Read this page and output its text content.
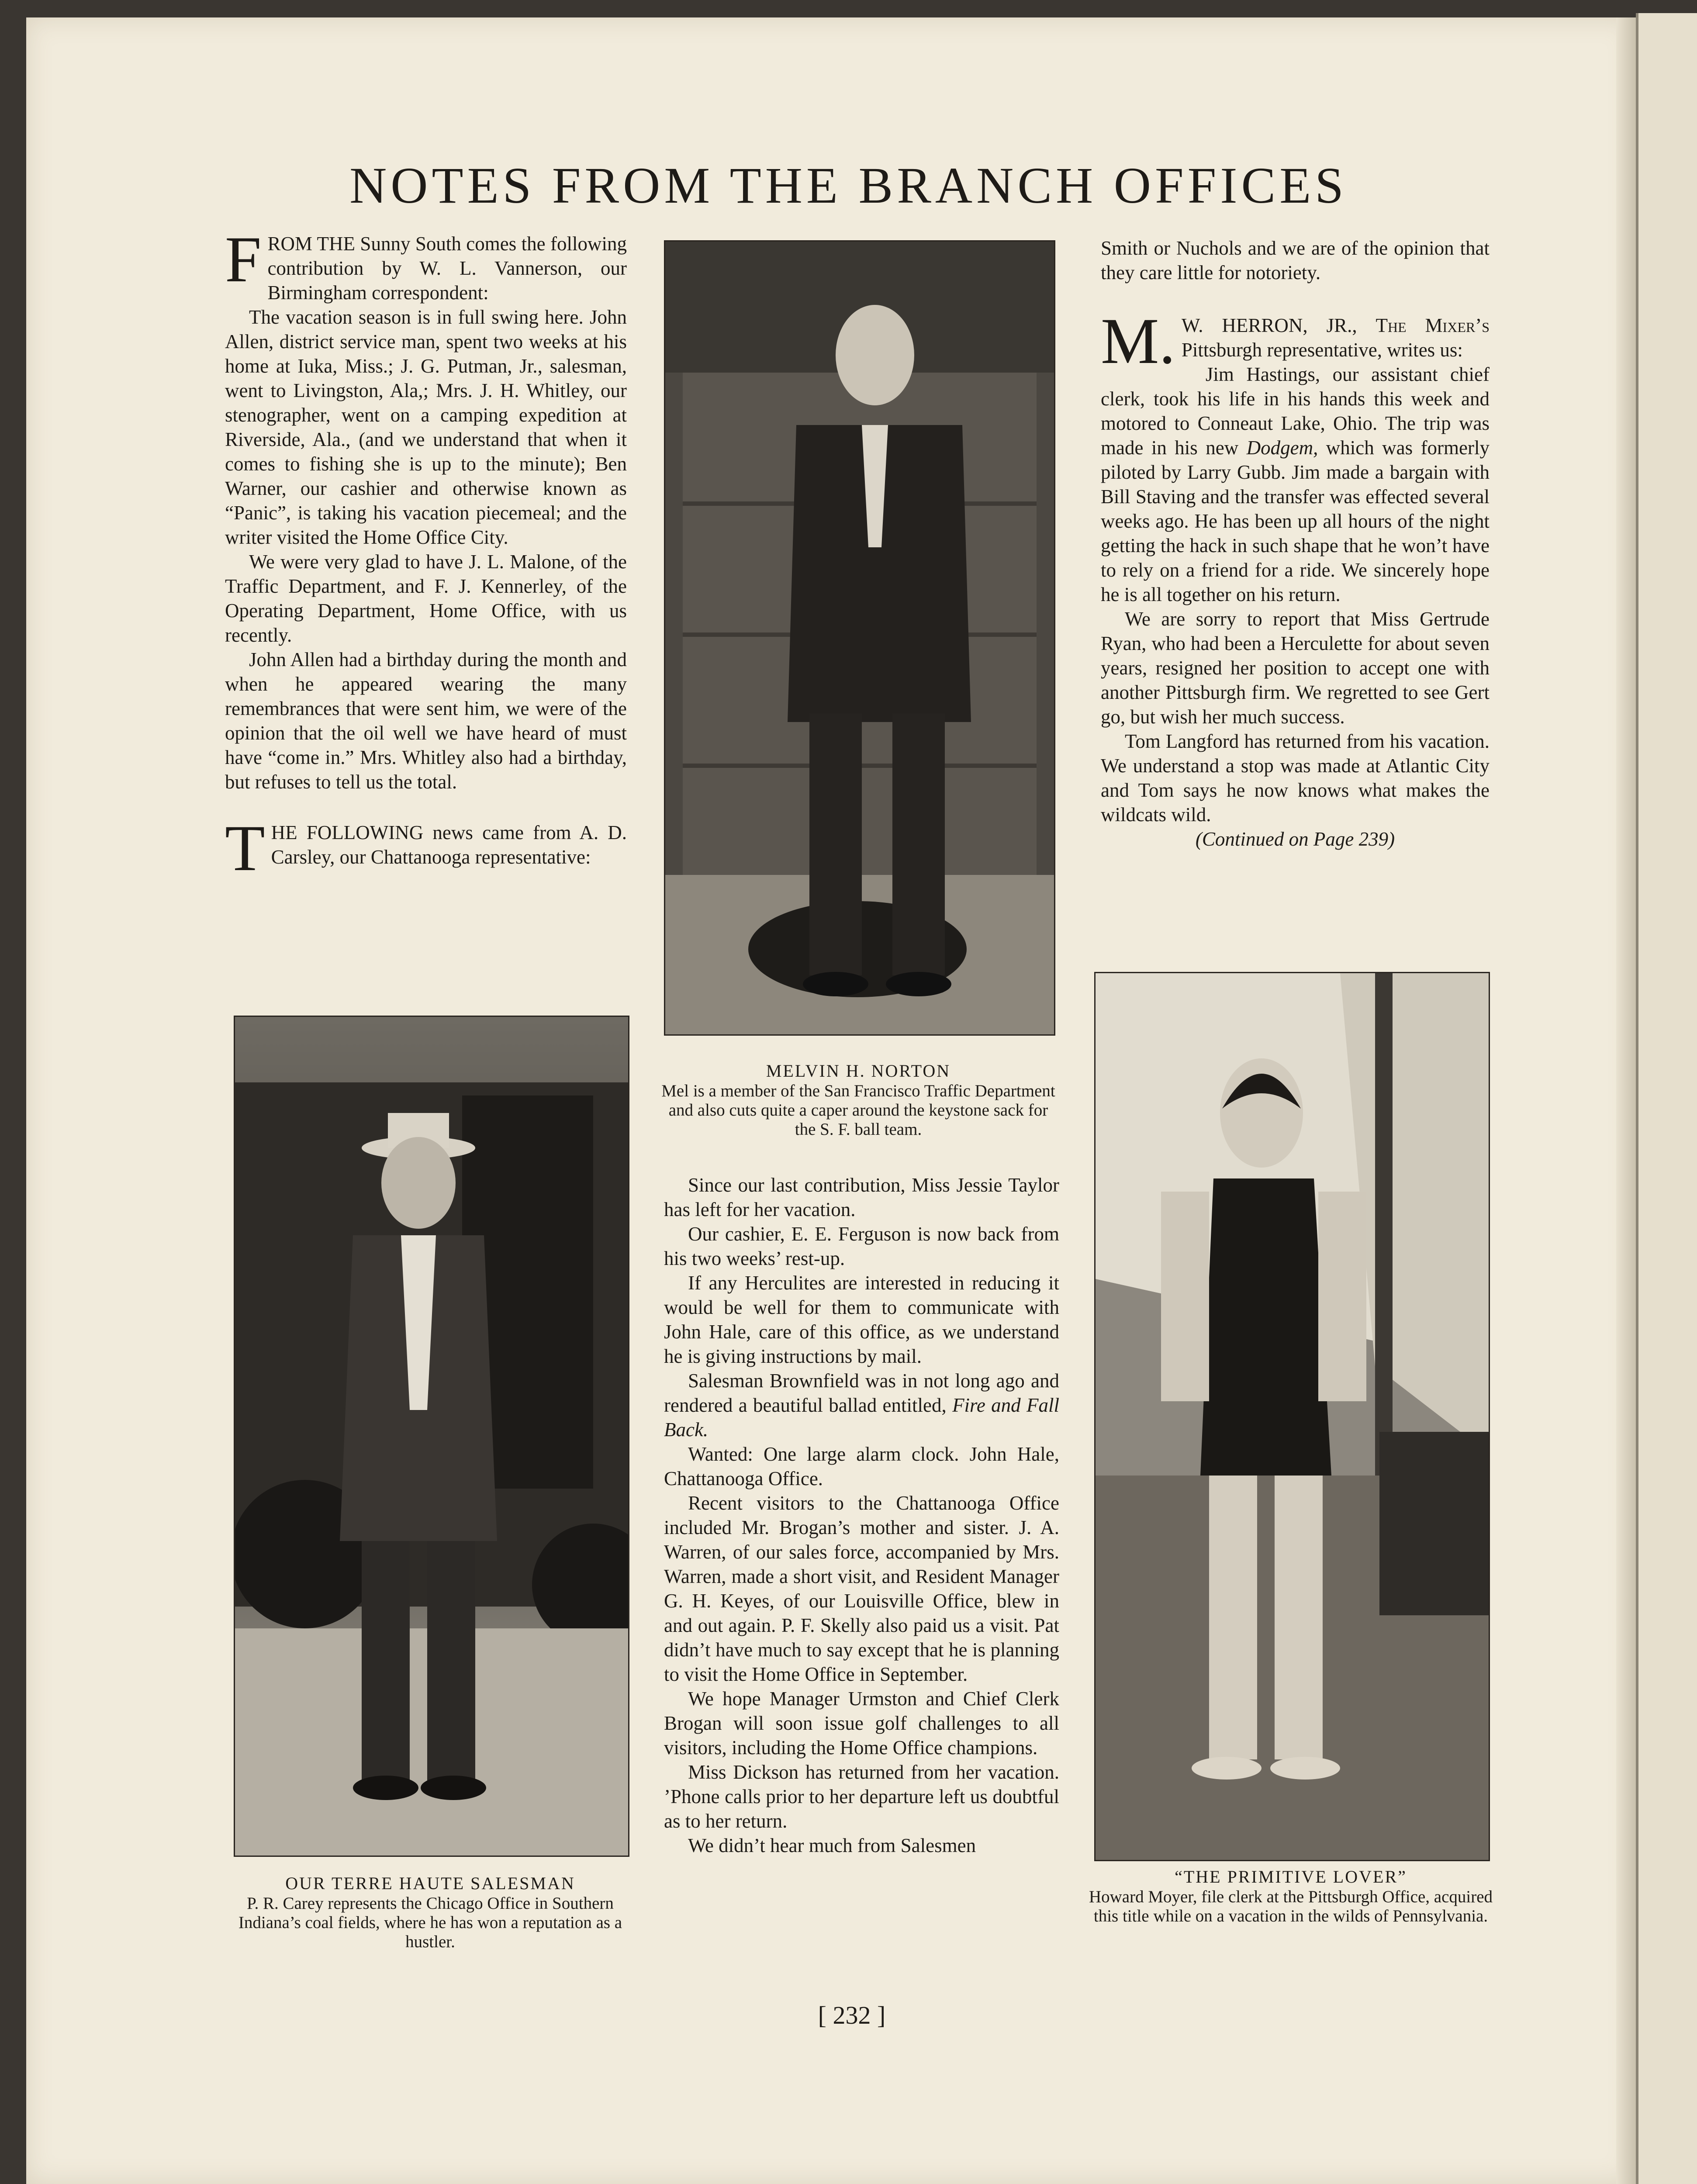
NOTES FROM THE BRANCH OFFICES

FROM THE Sunny South comes the following contribution by W. L. Vannerson, our Birmingham correspondent:

The vacation season is in full swing here. John Allen, district service man, spent two weeks at his home at Iuka, Miss.; J. G. Putman, Jr., salesman, went to Livingston, Ala,; Mrs. J. H. Whitley, our stenographer, went on a camping expedition at Riverside, Ala., (and we understand that when it comes to fishing she is up to the minute); Ben Warner, our cashier and otherwise known as “Panic”, is taking his vacation piecemeal; and the writer visited the Home Office City.

We were very glad to have J. L. Malone, of the Traffic Department, and F. J. Kennerley, of the Operating Department, Home Office, with us recently.

John Allen had a birthday during the month and when he appeared wearing the many remembrances that were sent him, we were of the opinion that the oil well we have heard of must have “come in.” Mrs. Whitley also had a birthday, but refuses to tell us the total.

THE FOLLOWING news came from A. D. Carsley, our Chattanooga representative:

OUR TERRE HAUTE SALESMAN
P. R. Carey represents the Chicago Office in Southern Indiana’s coal fields, where he has won a reputation as a hustler.
MELVIN H. NORTON
Mel is a member of the San Francisco Traffic Department and also cuts quite a caper around the keystone sack for the S. F. ball team.

Since our last contribution, Miss Jessie Taylor has left for her vacation.

Our cashier, E. E. Ferguson is now back from his two weeks’ rest-up.

If any Herculites are interested in reducing it would be well for them to communicate with John Hale, care of this office, as we understand he is giving instructions by mail.

Salesman Brownfield was in not long ago and rendered a beautiful ballad entitled, Fire and Fall Back.

Wanted: One large alarm clock. John Hale, Chattanooga Office.

Recent visitors to the Chattanooga Office included Mr. Brogan’s mother and sister. J. A. Warren, of our sales force, accompanied by Mrs. Warren, made a short visit, and Resident Manager G. H. Keyes, of our Louisville Office, blew in and out again. P. F. Skelly also paid us a visit. Pat didn’t have much to say except that he is planning to visit the Home Office in September.

We hope Manager Urmston and Chief Clerk Brogan will soon issue golf challenges to all visitors, including the Home Office champions.

Miss Dickson has returned from her vacation. ’Phone calls prior to her departure left us doubtful as to her return.

We didn’t hear much from Salesmen

Smith or Nuchols and we are of the opinion that they care little for notoriety.

M. W. HERRON, JR., The Mixer’s Pittsburgh representative, writes us:

Jim Hastings, our assistant chief clerk, took his life in his hands this week and motored to Conneaut Lake, Ohio. The trip was made in his new Dodgem, which was formerly piloted by Larry Gubb. Jim made a bargain with Bill Staving and the transfer was effected several weeks ago. He has been up all hours of the night getting the hack in such shape that he won’t have to rely on a friend for a ride. We sincerely hope he is all together on his return.

We are sorry to report that Miss Gertrude Ryan, who had been a Herculette for about seven years, resigned her position to accept one with another Pittsburgh firm. We regretted to see Gert go, but wish her much success.

Tom Langford has returned from his vacation. We understand a stop was made at Atlantic City and Tom says he now knows what makes the wildcats wild.

(Continued on Page 239)

“THE PRIMITIVE LOVER”
Howard Moyer, file clerk at the Pittsburgh Office, acquired this title while on a vacation in the wilds of Pennsylvania.
[ 232 ]
